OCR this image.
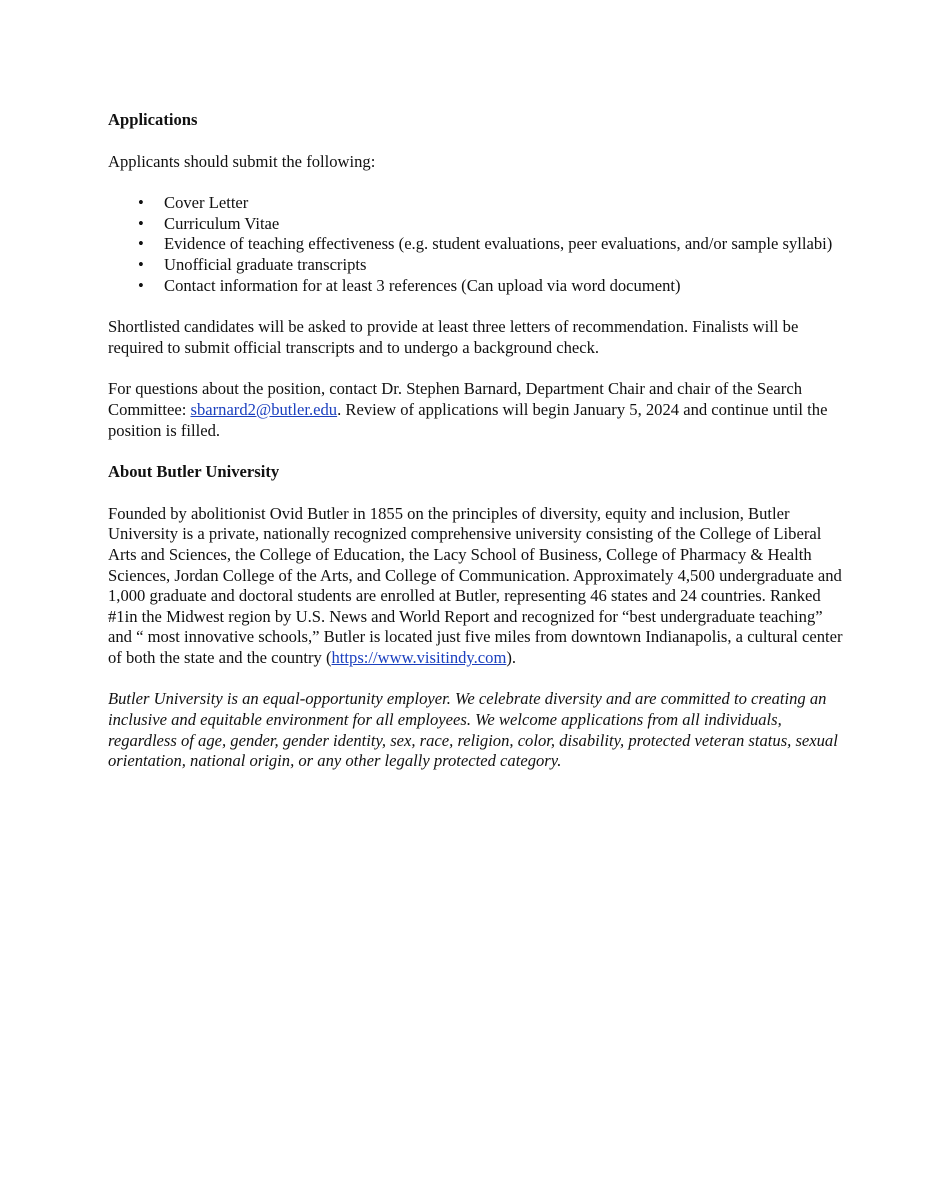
Applications

Applicants should submit the following:

• Cover Letter
• Curriculum Vitae
• Evidence of teaching effectiveness (e.g. student evaluations, peer evaluations, and/or sample syllabi)
• Unofficial graduate transcripts
• Contact information for at least 3 references (Can upload via word document)

Shortlisted candidates will be asked to provide at least three letters of recommendation. Finalists will be required to submit official transcripts and to undergo a background check.

For questions about the position, contact Dr. Stephen Barnard, Department Chair and chair of the Search Committee: sbarnard2@butler.edu. Review of applications will begin January 5, 2024 and continue until the position is filled.

About Butler University

Founded by abolitionist Ovid Butler in 1855 on the principles of diversity, equity and inclusion, Butler University is a private, nationally recognized comprehensive university consisting of the College of Liberal Arts and Sciences, the College of Education, the Lacy School of Business, College of Pharmacy & Health Sciences, Jordan College of the Arts, and College of Communication. Approximately 4,500 undergraduate and 1,000 graduate and doctoral students are enrolled at Butler, representing 46 states and 24 countries. Ranked #1in the Midwest region by U.S. News and World Report and recognized for “best undergraduate teaching” and “ most innovative schools,” Butler is located just five miles from downtown Indianapolis, a cultural center of both the state and the country (https://www.visitindy.com).

Butler University is an equal-opportunity employer. We celebrate diversity and are committed to creating an inclusive and equitable environment for all employees. We welcome applications from all individuals, regardless of age, gender, gender identity, sex, race, religion, color, disability, protected veteran status, sexual orientation, national origin, or any other legally protected category.
